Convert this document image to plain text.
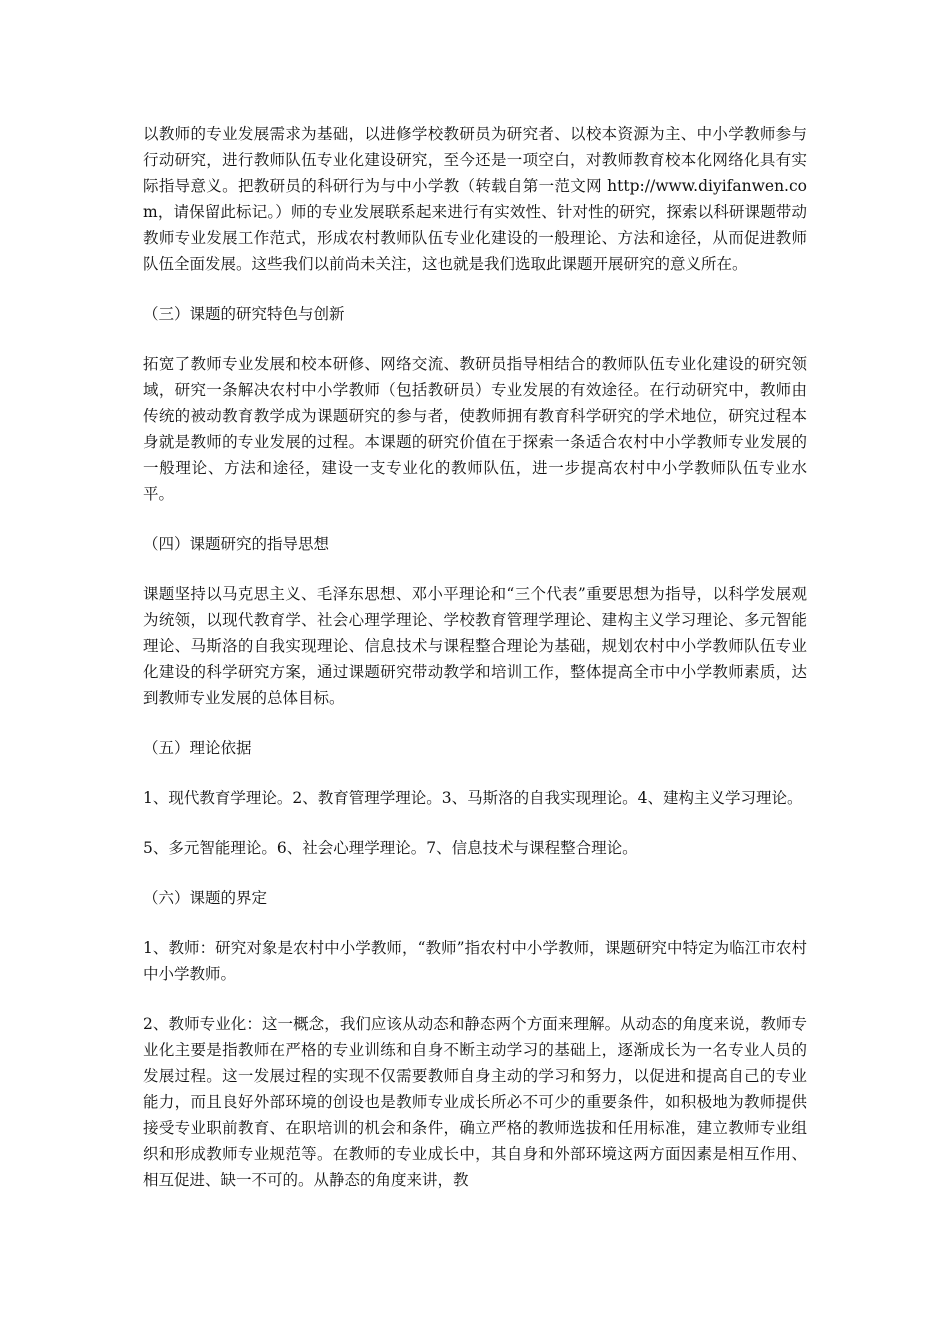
以教师的专业发展需求为基础，以进修学校教研员为研究者、以校本资源为主、中小学教师参与行动研究，进行教师队伍专业化建设研究，至今还是一项空白，对教师教育校本化网络化具有实际指导意义。把教研员的科研行为与中小学教（转载自第一范文网 http://www.diyifanwen.com，请保留此标记。）师的专业发展联系起来进行有实效性、针对性的研究，探索以科研课题带动教师专业发展工作范式，形成农村教师队伍专业化建设的一般理论、方法和途径，从而促进教师队伍全面发展。这些我们以前尚未关注，这也就是我们选取此课题开展研究的意义所在。

（三）课题的研究特色与创新

拓宽了教师专业发展和校本研修、网络交流、教研员指导相结合的教师队伍专业化建设的研究领域，研究一条解决农村中小学教师（包括教研员）专业发展的有效途径。在行动研究中，教师由传统的被动教育教学成为课题研究的参与者，使教师拥有教育科学研究的学术地位，研究过程本身就是教师的专业发展的过程。本课题的研究价值在于探索一条适合农村中小学教师专业发展的一般理论、方法和途径，建设一支专业化的教师队伍，进一步提高农村中小学教师队伍专业水平。

（四）课题研究的指导思想

课题坚持以马克思主义、毛泽东思想、邓小平理论和“三个代表”重要思想为指导，以科学发展观为统领，以现代教育学、社会心理学理论、学校教育管理学理论、建构主义学习理论、多元智能理论、马斯洛的自我实现理论、信息技术与课程整合理论为基础，规划农村中小学教师队伍专业化建设的科学研究方案，通过课题研究带动教学和培训工作，整体提高全市中小学教师素质，达到教师专业发展的总体目标。

（五）理论依据

1、现代教育学理论。2、教育管理学理论。3、马斯洛的自我实现理论。4、建构主义学习理论。

5、多元智能理论。6、社会心理学理论。7、信息技术与课程整合理论。

（六）课题的界定

1、教师：研究对象是农村中小学教师，“教师”指农村中小学教师，课题研究中特定为临江市农村中小学教师。

2、教师专业化：这一概念，我们应该从动态和静态两个方面来理解。从动态的角度来说，教师专业化主要是指教师在严格的专业训练和自身不断主动学习的基础上，逐渐成长为一名专业人员的发展过程。这一发展过程的实现不仅需要教师自身主动的学习和努力，以促进和提高自己的专业能力，而且良好外部环境的创设也是教师专业成长所必不可少的重要条件，如积极地为教师提供接受专业职前教育、在职培训的机会和条件，确立严格的教师选拔和任用标准，建立教师专业组织和形成教师专业规范等。在教师的专业成长中，其自身和外部环境这两方面因素是相互作用、相互促进、缺一不可的。从静态的角度来讲，教
